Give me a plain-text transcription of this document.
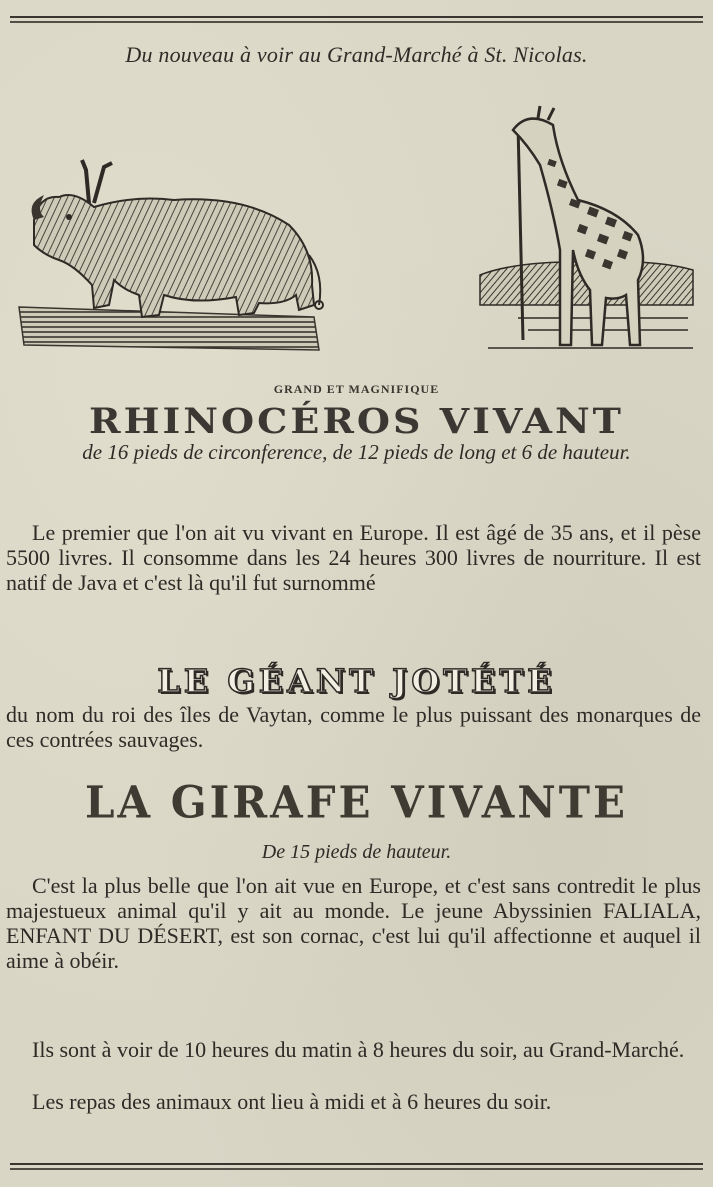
Du nouveau à voir au Grand-Marché à St. Nicolas.
GRAND ET MAGNIFIQUE
RHINOCÉROS VIVANT
de 16 pieds de circonference, de 12 pieds de long et 6 de hauteur.
Le premier que l'on ait vu vivant en Europe. Il est âgé de 35 ans, et il pèse 5500 livres. Il consomme dans les 24 heures 300 livres de nourriture. Il est natif de Java et c'est là qu'il fut surnommé
LE GÉANT JOTÉTÉ
du nom du roi des îles de Vaytan, comme le plus puissant des monarques de ces contrées sauvages.
LA GIRAFE VIVANTE
De 15 pieds de hauteur.
C'est la plus belle que l'on ait vue en Europe, et c'est sans contredit le plus majestueux animal qu'il y ait au monde. Le jeune Abyssinien FALIALA, ENFANT DU DÉSERT, est son cornac, c'est lui qu'il affectionne et auquel il aime à obéir.
Ils sont à voir de 10 heures du matin à 8 heures du soir, au Grand-Marché.
Les repas des animaux ont lieu à midi et à 6 heures du soir.
